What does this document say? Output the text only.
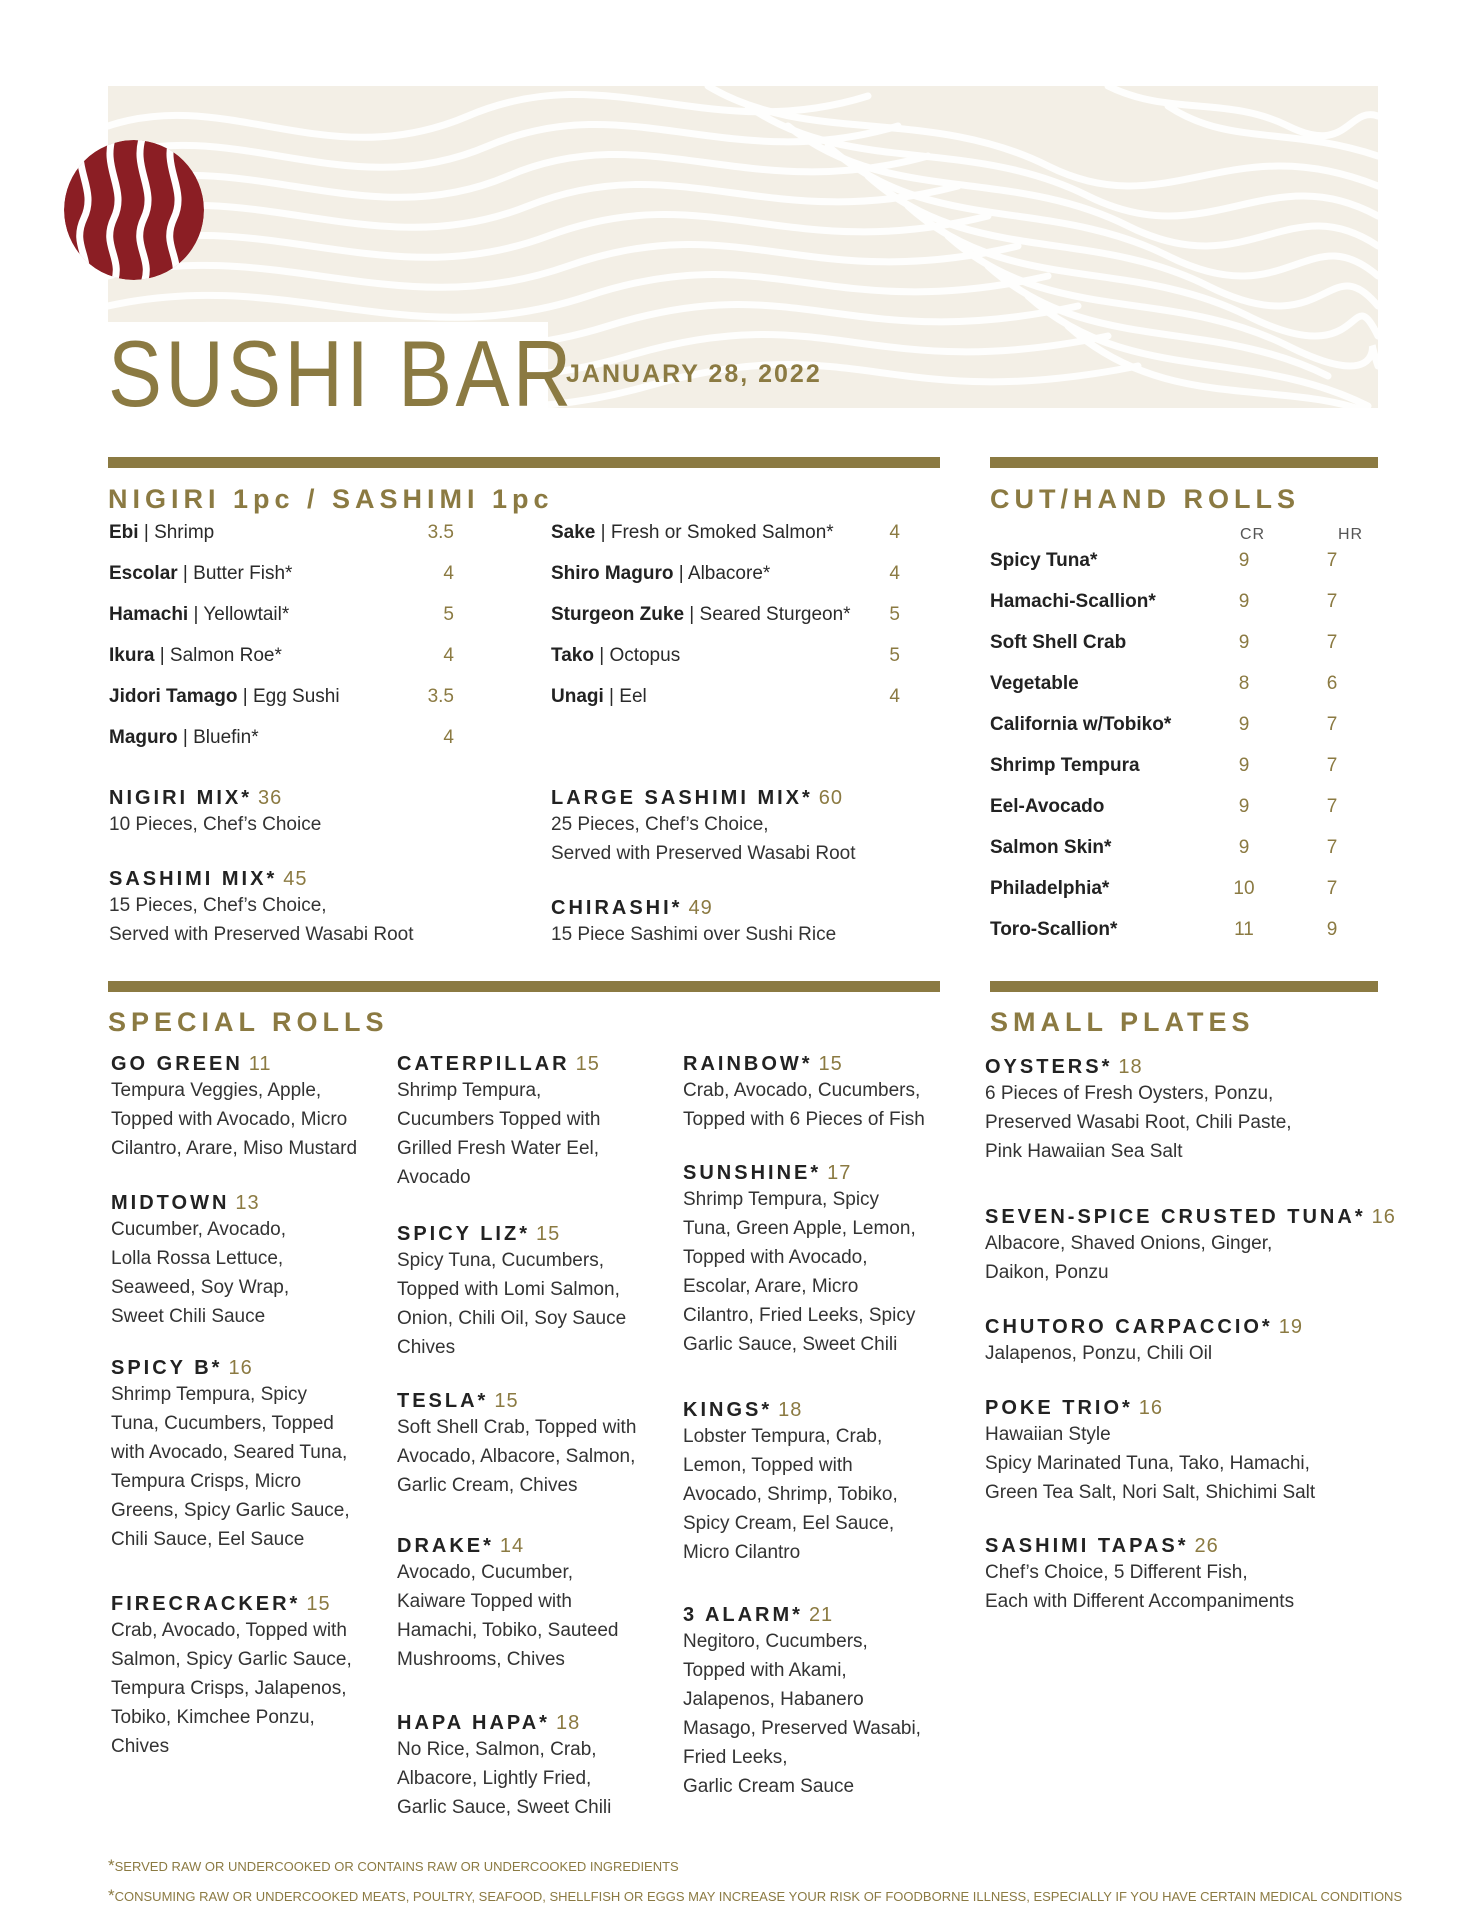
SUSHI BAR
JANUARY 28, 2022
NIGIRI 1pc / SASHIMI 1pc
Ebi | Shrimp	3.5
Escolar | Butter Fish*	4
Hamachi | Yellowtail*	5
Ikura | Salmon Roe*	4
Jidori Tamago | Egg Sushi	3.5
Maguro | Bluefin*	4
Sake | Fresh or Smoked Salmon*	4
Shiro Maguro | Albacore*	4
Sturgeon Zuke | Seared Sturgeon*	5
Tako | Octopus	5
Unagi | Eel	4
NIGIRI MIX* 36
10 Pieces, Chef’s Choice
SASHIMI MIX* 45
15 Pieces, Chef’s Choice,
Served with Preserved Wasabi Root
LARGE SASHIMI MIX* 60
25 Pieces, Chef’s Choice,
Served with Preserved Wasabi Root
CHIRASHI* 49
15 Piece Sashimi over Sushi Rice
CUT/HAND ROLLS
CR	HR
Spicy Tuna*	9	7
Hamachi-Scallion*	9	7
Soft Shell Crab	9	7
Vegetable	8	6
California w/Tobiko*	9	7
Shrimp Tempura	9	7
Eel-Avocado	9	7
Salmon Skin*	9	7
Philadelphia*	10	7
Toro-Scallion*	11	9
SPECIAL ROLLS
GO GREEN 11
Tempura Veggies, Apple,
Topped with Avocado, Micro
Cilantro, Arare, Miso Mustard
MIDTOWN 13
Cucumber, Avocado,
Lolla Rossa Lettuce,
Seaweed, Soy Wrap,
Sweet Chili Sauce
SPICY B* 16
Shrimp Tempura, Spicy
Tuna, Cucumbers, Topped
with Avocado, Seared Tuna,
Tempura Crisps, Micro
Greens, Spicy Garlic Sauce,
Chili Sauce, Eel Sauce
FIRECRACKER* 15
Crab, Avocado, Topped with
Salmon, Spicy Garlic Sauce,
Tempura Crisps, Jalapenos,
Tobiko, Kimchee Ponzu,
Chives
CATERPILLAR 15
Shrimp Tempura,
Cucumbers Topped with
Grilled Fresh Water Eel,
Avocado
SPICY LIZ* 15
Spicy Tuna, Cucumbers,
Topped with Lomi Salmon,
Onion, Chili Oil, Soy Sauce
Chives
TESLA* 15
Soft Shell Crab, Topped with
Avocado, Albacore, Salmon,
Garlic Cream, Chives
DRAKE* 14
Avocado, Cucumber,
Kaiware Topped with
Hamachi, Tobiko, Sauteed
Mushrooms, Chives
HAPA HAPA* 18
No Rice, Salmon, Crab,
Albacore, Lightly Fried,
Garlic Sauce, Sweet Chili
RAINBOW* 15
Crab, Avocado, Cucumbers,
Topped with 6 Pieces of Fish
SUNSHINE* 17
Shrimp Tempura, Spicy
Tuna, Green Apple, Lemon,
Topped with Avocado,
Escolar, Arare, Micro
Cilantro, Fried Leeks, Spicy
Garlic Sauce, Sweet Chili
KINGS* 18
Lobster Tempura, Crab,
Lemon, Topped with
Avocado, Shrimp, Tobiko,
Spicy Cream, Eel Sauce,
Micro Cilantro
3 ALARM* 21
Negitoro, Cucumbers,
Topped with Akami,
Jalapenos, Habanero
Masago, Preserved Wasabi,
Fried Leeks,
Garlic Cream Sauce
SMALL PLATES
OYSTERS* 18
6 Pieces of Fresh Oysters, Ponzu,
Preserved Wasabi Root, Chili Paste,
Pink Hawaiian Sea Salt
SEVEN-SPICE CRUSTED TUNA* 16
Albacore, Shaved Onions, Ginger,
Daikon, Ponzu
CHUTORO CARPACCIO* 19
Jalapenos, Ponzu, Chili Oil
POKE TRIO* 16
Hawaiian Style
Spicy Marinated Tuna, Tako, Hamachi,
Green Tea Salt, Nori Salt, Shichimi Salt
SASHIMI TAPAS* 26
Chef’s Choice, 5 Different Fish,
Each with Different Accompaniments
*SERVED RAW OR UNDERCOOKED OR CONTAINS RAW OR UNDERCOOKED INGREDIENTS
*CONSUMING RAW OR UNDERCOOKED MEATS, POULTRY, SEAFOOD, SHELLFISH OR EGGS MAY INCREASE YOUR RISK OF FOODBORNE ILLNESS, ESPECIALLY IF YOU HAVE CERTAIN MEDICAL CONDITIONS
